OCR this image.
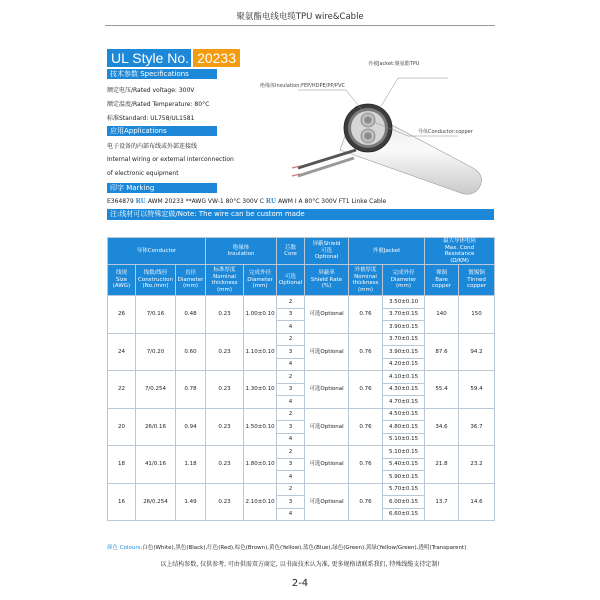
聚氨酯电线电缆TPU wire&Cable
UL Style No. 20233
技术参数 Specifications
额定电压/Rated voltage: 300V
额定温度/Rated Temperature: 80°C
标准Standard: UL758/UL1581
应用Applications
电子设备的内部布线或外部连接线
Internal wiring or external interconnection
of electronic equipment
印字 Marking
E364879 RU AWM 20233 **AWG VW-1 80°C 300V C RU AWM I A 80°C 300V FT1 Linke Cable
注:线材可以特殊定做/Note: The wire can be custom made
外被Jacket:聚氨酯TPU
绝缘体Insulation:FEP/HDPE/PP/PVC
导体Conductor:copper
导体Conductor			绝缘体
Insulation		芯数
Core	屏蔽Shield
可选
Optional	外被Jacket		最大导体电阻
Max. Cond
Resistance
(Ω/KM)	
线规
Size
(AWG)	线数/线径
Construction
(No./mm)	直径
Diameter
(mm)	标准厚度
Nominal
thickness
(mm)	完成外径
Diameter
(mm)	可选
Optional	屏蔽率
Shield Rate
(%)	外被厚度
Nominal
thickness
(mm)	完成外径
Diameter
(mm)	裸铜
Bare
copper	镀锡铜
Tinned
copper
26	7/0.16	0.48	0.23	1.00±0.10	2	可选Optional	0.76	3.50±0.10	140	150
					3			3.70±0.15		
					4			3.90±0.15		
24	7/0.20	0.60	0.23	1.10±0.10	2	可选Optional	0.76	3.70±0.15	87.6	94.2
					3			3.90±0.15		
					4			4.20±0.15		
22	7/0.254	0.78	0.23	1.30±0.10	2	可选Optional	0.76	4.10±0.15	55.4	59.4
					3			4.30±0.15		
					4			4.70±0.15		
20	26/0.16	0.94	0.23	1.50±0.10	2	可选Optional	0.76	4.50±0.15	34.6	36.7
					3			4.80±0.15		
					4			5.10±0.15		
18	41/0.16	1.18	0.23	1.80±0.10	2	可选Optional	0.76	5.10±0.15	21.8	23.2
					3			5.40±0.15		
					4			5.90±0.15		
16	26/0.254	1.49	0.23	2.10±0.10	2	可选Optional	0.76	5.70±0.15	13.7	14.6
					3			6.00±0.15		
					4			6.60±0.15		
颜色 Colours:白色(White),黑色(Black),红色(Red),棕色(Brown),黄色(Yellow),蓝色(Blue),绿色(Green),黄绿(Yellow/Green),透明(Transparent)
以上结构参数, 仅供参考, 可由供需双方商定, 以书面技术认为准, 更多规格请联系我们, 特殊线缆支持定制!
2-4
